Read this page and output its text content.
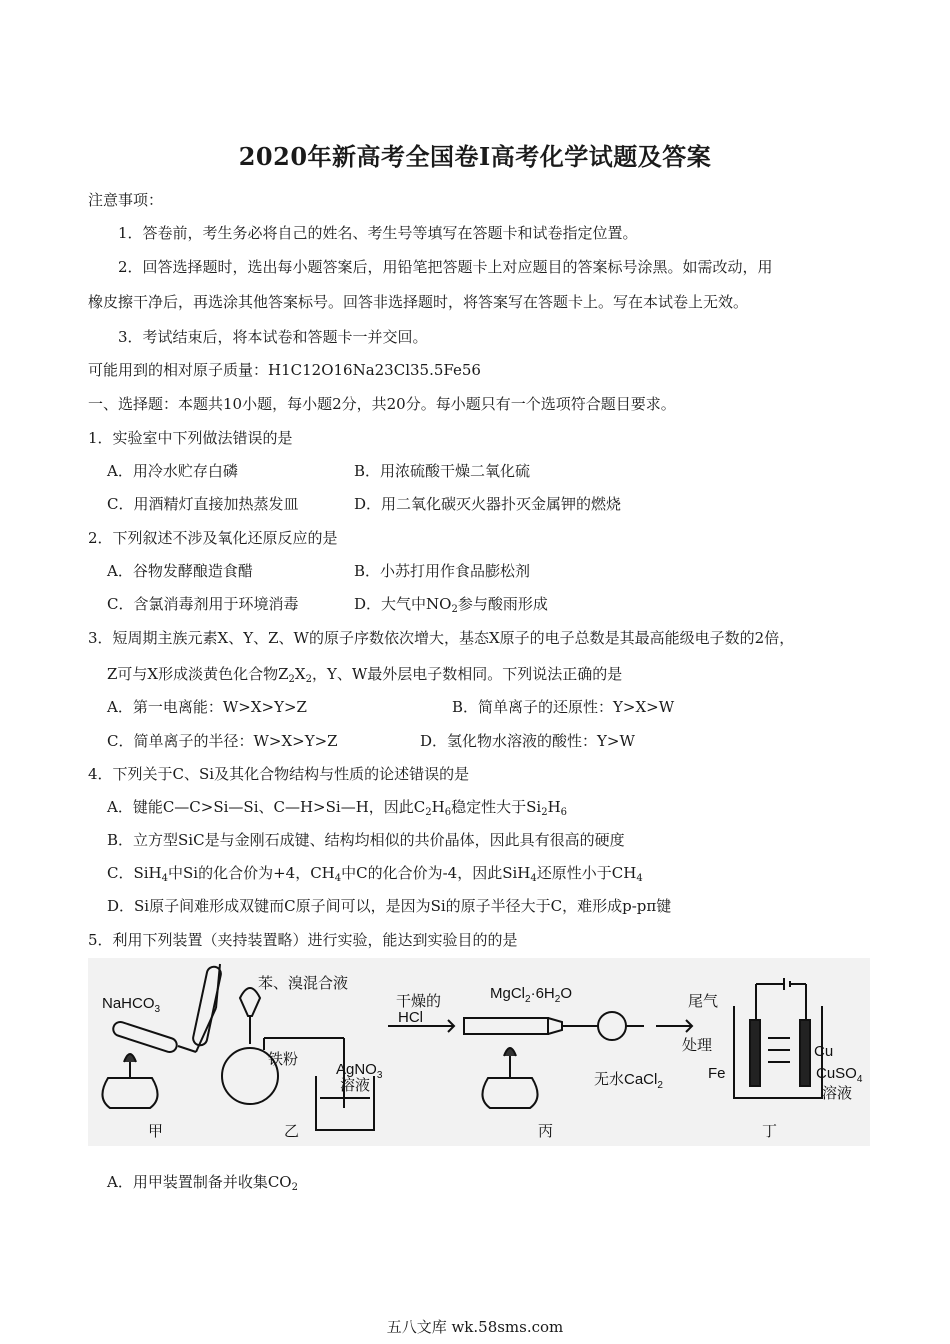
2020年新高考全国卷Ⅰ高考化学试题及答案
注意事项：
1．答卷前，考生务必将自己的姓名、考生号等填写在答题卡和试卷指定位置。
2．回答选择题时，选出每小题答案后，用铅笔把答题卡上对应题目的答案标号涂黑。如需改动，用
橡皮擦干净后，再选涂其他答案标号。回答非选择题时，将答案写在答题卡上。写在本试卷上无效。
3．考试结束后，将本试卷和答题卡一并交回。
可能用到的相对原子质量：H1C12O16Na23Cl35.5Fe56
一、选择题：本题共10小题，每小题2分，共20分。每小题只有一个选项符合题目要求。
1．实验室中下列做法错误的是
A．用冷水贮存白磷	B．用浓硫酸干燥二氧化硫
C．用酒精灯直接加热蒸发皿	D．用二氧化碳灭火器扑灭金属钾的燃烧
2．下列叙述不涉及氧化还原反应的是
A．谷物发酵酿造食醋	B．小苏打用作食品膨松剂
C．含氯消毒剂用于环境消毒	D．大气中$NO_2$参与酸雨形成
3．短周期主族元素X、Y、Z、W的原子序数依次增大，基态X原子的电子总数是其最高能级电子数的2倍，
Z可与X形成淡黄色化合物$Z_2X_2$，Y、W最外层电子数相同。下列说法正确的是
A．第一电离能：W>X>Y>Z	B．简单离子的还原性：Y>X>W
C．简单离子的半径：W>X>Y>Z	D．氢化物水溶液的酸性：Y>W
4．下列关于C、Si及其化合物结构与性质的论述错误的是
A．键能C—C>Si—Si、C—H>Si—H，因此$C_2H_6$稳定性大于$Si_2H_6$
B．立方型SiC是与金刚石成键、结构均相似的共价晶体，因此具有很高的硬度
C．SiH$_4$中Si的化合价为+4，$CH_4$中C的化合价为-4，因此SiH$_4$还原性小于$CH_4$
D．Si原子间难形成双键而C原子间可以，是因为Si的原子半径大于C，难形成p-pπ键
5．利用下列装置（夹持装置略）进行实验，能达到实验目的的是
NaHCO$_3$
苯、溴混合液
铁粉
AgNO$_3$
溶液
干燥的
HCl
$MgCl_2\cdot 6H_2O$
无水CaCl$_2$
尾气
处理
Fe
Cu
CuSO$_4$
溶液
甲	乙	丙	丁
A．用甲装置制备并收集$CO_2$
五八文库 wk.58sms.com
